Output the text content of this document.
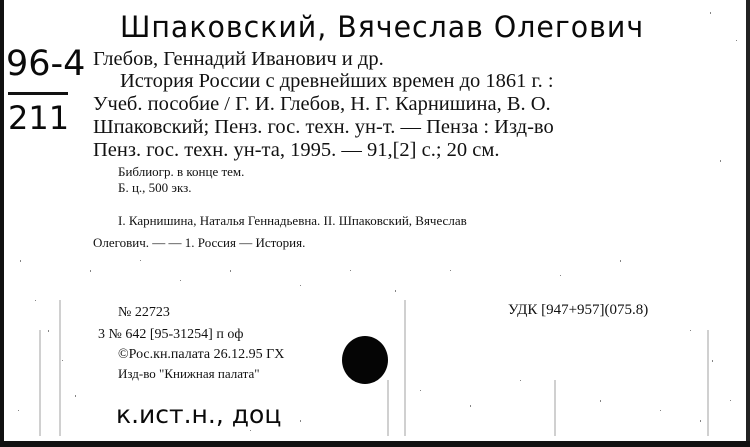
Шпаковский, Вячеслав Олегович
96-4
211
Глебов, Геннадий Иванович и др.
История России с древнейших времен до 1861 г. :
Учеб. пособие / Г. И. Глебов, Н. Г. Карнишина, В. О.
Шпаковский; Пенз. гос. техн. ун-т. — Пенза : Изд-во
Пенз. гос. техн. ун-та, 1995. — 91,[2] с.; 20 см.
Библиогр. в конце тем.
Б. ц., 500 экз.
I. Карнишина, Наталья Геннадьевна. II. Шпаковский, Вячеслав
Олегович. — — 1. Россия — История.
№ 22723	УДК [947+957](075.8)
3 № 642 [95-31254] п оф
©Рос.кн.палата 26.12.95 ГХ
Изд-во "Книжная палата"
к.ист.н., доц
